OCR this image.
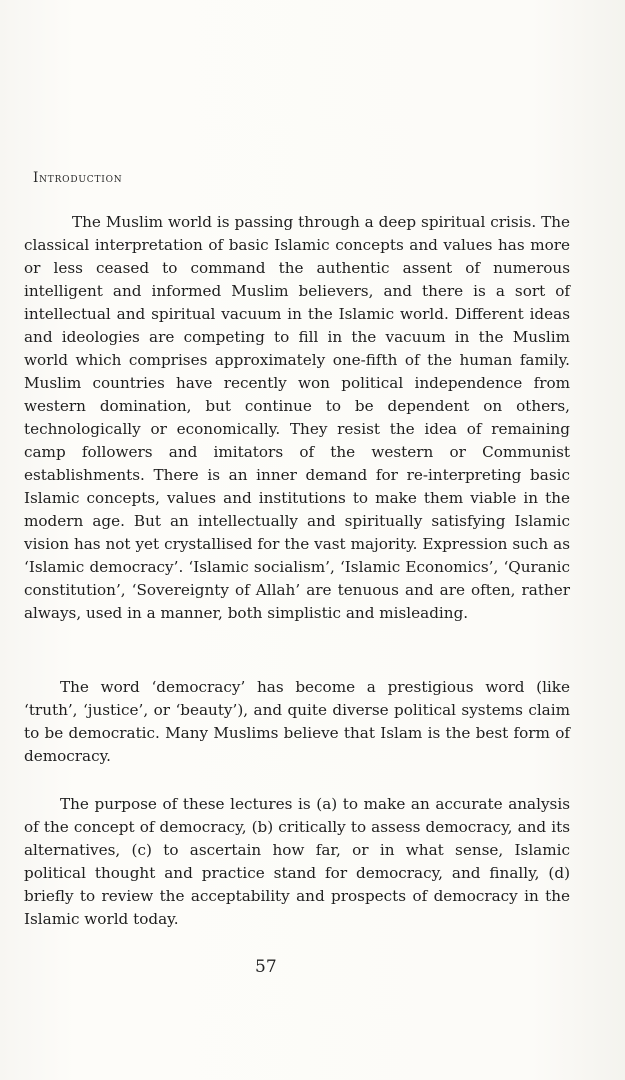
Introduction

The Muslim world is passing through a deep spiritual crisis. The classical interpretation of basic Islamic concepts and values has more or less ceased to command the authentic assent of numerous intelligent and informed Muslim believers, and there is a sort of intellectual and spiritual vacuum in the Islamic world. Different ideas and ideologies are competing to fill in the vacuum in the Muslim world which comprises approximately one-fifth of the human family. Muslim countries have recently won political independence from western domination, but continue to be dependent on others, technologically or economically. They resist the idea of remaining camp followers and imitators of the western or Communist establishments. There is an inner demand for re-interpreting basic Islamic concepts, values and institutions to make them viable in the modern age. But an intellectually and spiritually satisfying Islamic vision has not yet crystallised for the vast majority. Expression such as ‘Islamic democracy’. ‘Islamic socialism’, ‘Islamic Economics’, ‘Quranic constitution’, ‘Sovereignty of Allah’ are tenuous and are often, rather always, used in a manner, both simplistic and misleading.

The word ‘democracy’ has become a prestigious word (like ‘truth’, ‘justice’, or ‘beauty’), and quite diverse political systems claim to be democratic. Many Muslims believe that Islam is the best form of democracy.

The purpose of these lectures is (a) to make an accurate analysis of the concept of democracy, (b) critically to assess democracy, and its alternatives, (c) to ascertain how far, or in what sense, Islamic political thought and practice stand for democracy, and finally, (d) briefly to review the acceptability and prospects of democracy in the Islamic world today.

57
